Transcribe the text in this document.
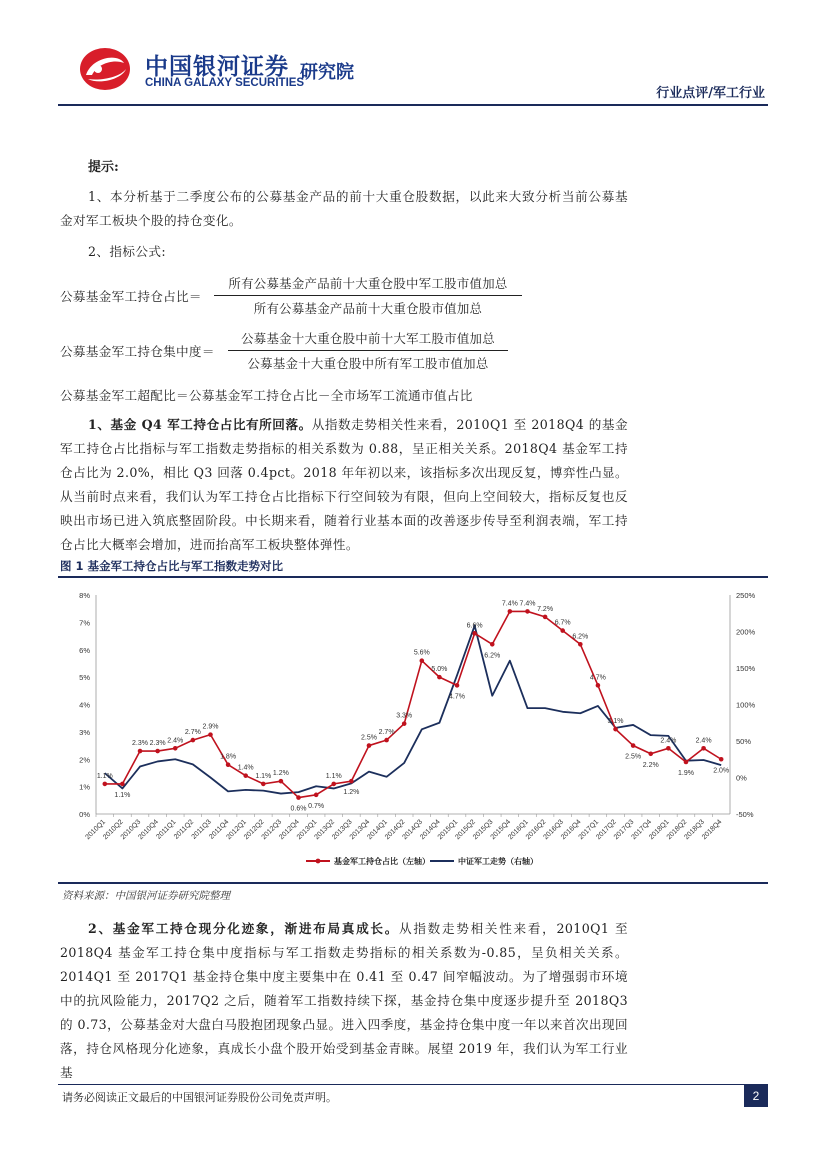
中国银河证券
CHINA GALAXY SECURITIES
研究院
行业点评/军工行业
提示:
1、本分析基于二季度公布的公募基金产品的前十大重仓股数据，以此来大致分析当前公募基金对军工板块个股的持仓变化。
2、指标公式:
公募基金军工持仓占比＝
所有公募基金产品前十大重仓股中军工股市值加总
所有公募基金产品前十大重仓股市值加总
公募基金军工持仓集中度＝
公募基金十大重仓股中前十大军工股市值加总
公募基金十大重仓股中所有军工股市值加总
公募基金军工超配比＝公募基金军工持仓占比－全市场军工流通市值占比
1、基金 Q4 军工持仓占比有所回落。从指数走势相关性来看，2010Q1 至 2018Q4 的基金军工持仓占比指标与军工指数走势指标的相关系数为 0.88，呈正相关关系。2018Q4 基金军工持仓占比为 2.0%，相比 Q3 回落 0.4pct。2018 年年初以来，该指标多次出现反复，博弈性凸显。从当前时点来看，我们认为军工持仓占比指标下行空间较为有限，但向上空间较大，指标反复也反映出市场已进入筑底整固阶段。中长期来看，随着行业基本面的改善逐步传导至利润表端，军工持仓占比大概率会增加，进而抬高军工板块整体弹性。
图 1 基金军工持仓占比与军工指数走势对比
0%
1%
2%
3%
4%
5%
6%
7%
8%
-50%
0%
50%
100%
150%
200%
250%
2010Q1
2010Q2
2010Q3
2010Q4
2011Q1
2011Q2
2011Q3
2011Q4
2012Q1
2012Q2
2012Q3
2012Q4
2013Q1
2013Q2
2013Q3
2013Q4
2014Q1
2014Q2
2014Q3
2014Q4
2015Q1
2015Q2
2015Q3
2015Q4
2016Q1
2016Q2
2016Q3
2016Q4
2017Q1
2017Q2
2017Q3
2017Q4
2018Q1
2018Q2
2018Q3
2018Q4
1.1%
1.1%
2.3% 2.3% 2.4%
2.7%
2.9%
1.8%
1.4%
1.1% 1.2%
0.6% 0.7%
1.1%
1.2%
2.5%
2.7%
3.3%
5.6%
5.0%
4.7%
6.6%
6.2%
7.4% 7.4%
7.2%
6.7%
6.2%
4.7%
3.1%
2.5%
2.2%
2.4%
1.9%
2.4%
2.0%
基金军工持仓占比（左轴）	中证军工走势（右轴）
资料来源：中国银河证券研究院整理
2、基金军工持仓现分化迹象，渐进布局真成长。从指数走势相关性来看，2010Q1 至 2018Q4 基金军工持仓集中度指标与军工指数走势指标的相关系数为-0.85，呈负相关关系。2014Q1 至 2017Q1 基金持仓集中度主要集中在 0.41 至 0.47 间窄幅波动。为了增强弱市环境中的抗风险能力，2017Q2 之后，随着军工指数持续下探，基金持仓集中度逐步提升至 2018Q3 的 0.73，公募基金对大盘白马股抱团现象凸显。进入四季度，基金持仓集中度一年以来首次出现回落，持仓风格现分化迹象，真成长小盘个股开始受到基金青睐。展望 2019 年，我们认为军工行业基
请务必阅读正文最后的中国银河证券股份公司免责声明。	2
